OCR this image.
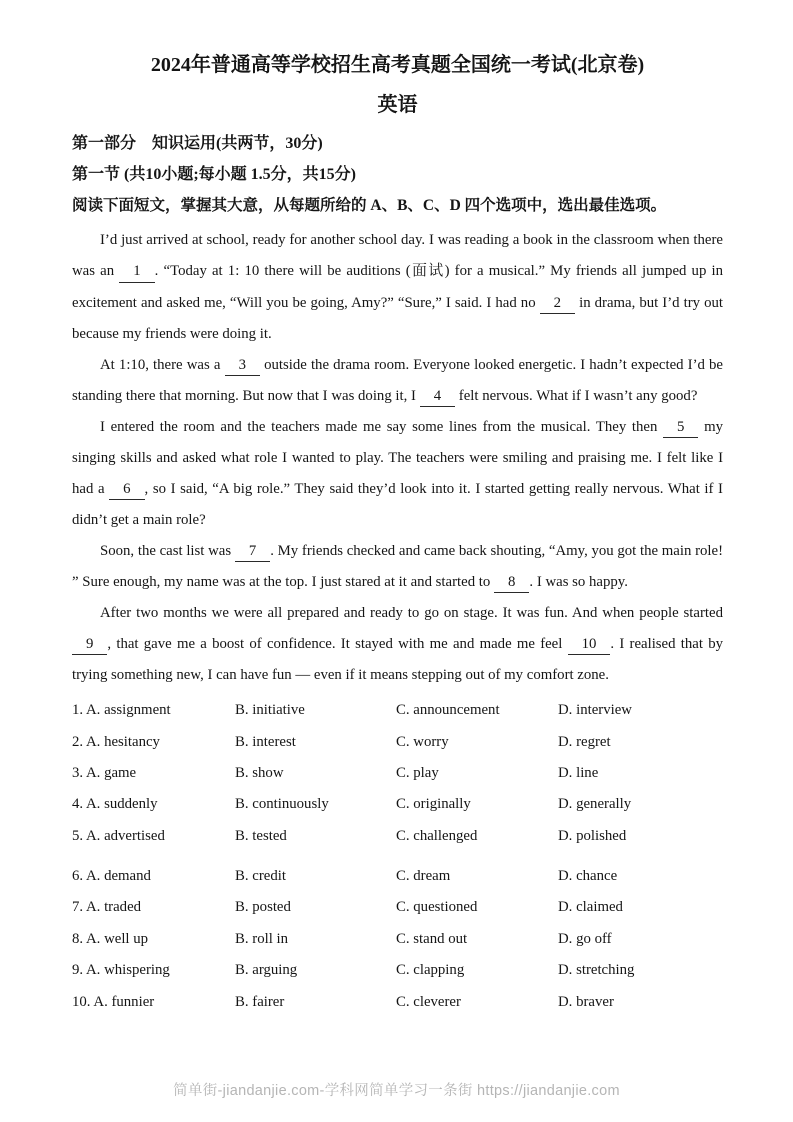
2024年普通高等学校招生高考真题全国统一考试(北京卷)
英语

第一部分　知识运用(共两节，30分)

第一节 (共10小题;每小题 1.5分，共15分)

阅读下面短文，掌握其大意，从每题所给的 A、B、C、D 四个选项中，选出最佳选项。

I’d just arrived at school, ready for another school day. I was reading a book in the classroom when there was an 1 . “Today at 1: 10 there will be auditions (面试) for a musical.” My friends all jumped up in excitement and asked me, “Will you be going, Amy?” “Sure,” I said. I had no 2 in drama, but I’d try out because my friends were doing it.

At 1:10, there was a 3 outside the drama room. Everyone looked energetic. I hadn’t expected I’d be standing there that morning. But now that I was doing it, I 4 felt nervous. What if I wasn’t any good?

I entered the room and the teachers made me say some lines from the musical. They then 5 my singing skills and asked what role I wanted to play. The teachers were smiling and praising me. I felt like I had a 6 , so I said, “A big role.” They said they’d look into it. I started getting really nervous. What if I didn’t get a main role?

Soon, the cast list was 7 . My friends checked and came back shouting, “Amy, you got the main role! ” Sure enough, my name was at the top. I just stared at it and started to 8 . I was so happy.

After two months we were all prepared and ready to go on stage. It was fun. And when people started 9 , that gave me a boost of confidence. It stayed with me and made me feel 10 . I realised that by trying something new, I can have fun — even if it means stepping out of my comfort zone.

1. A. assignment	B. initiative	C. announcement	D. interview
2. A. hesitancy	B. interest	C. worry	D. regret
3. A. game	B. show	C. play	D. line
4. A. suddenly	B. continuously	C. originally	D. generally
5. A. advertised	B. tested	C. challenged	D. polished
6. A. demand	B. credit	C. dream	D. chance
7. A. traded	B. posted	C. questioned	D. claimed
8. A. well up	B. roll in	C. stand out	D. go off
9. A. whispering	B. arguing	C. clapping	D. stretching
10. A. funnier	B. fairer	C. cleverer	D. braver
简单街-jiandanjie.com-学科网简单学习一条街 https://jiandanjie.com
